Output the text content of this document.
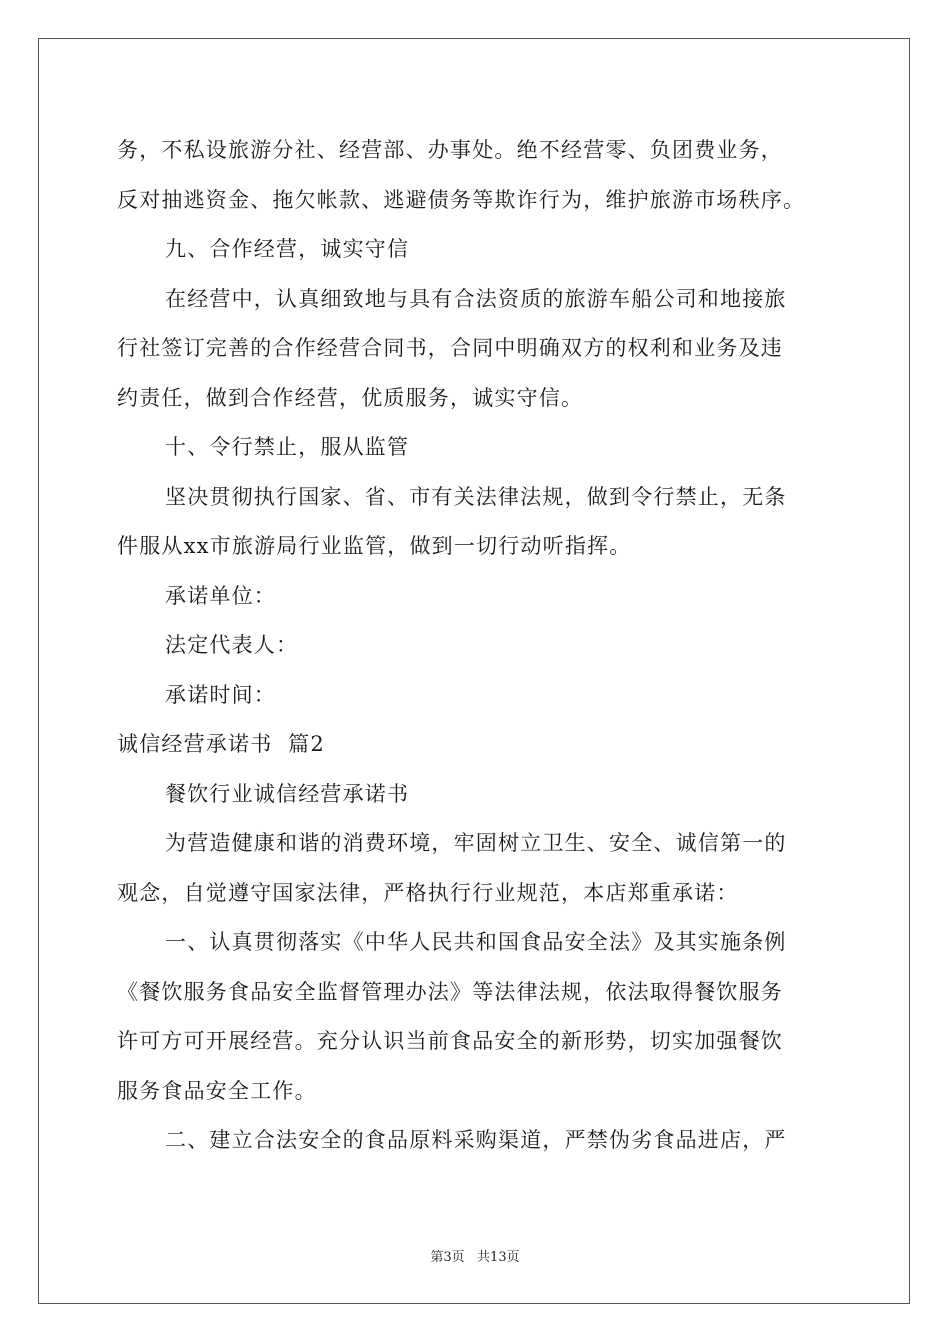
务，不私设旅游分社、经营部、办事处。绝不经营零、负团费业务，
反对抽逃资金、拖欠帐款、逃避债务等欺诈行为，维护旅游市场秩序。
九、合作经营，诚实守信
在经营中，认真细致地与具有合法资质的旅游车船公司和地接旅
行社签订完善的合作经营合同书，合同中明确双方的权利和业务及违
约责任，做到合作经营，优质服务，诚实守信。
十、令行禁止，服从监管
坚决贯彻执行国家、省、市有关法律法规，做到令行禁止，无条
件服从xx市旅游局行业监管，做到一切行动听指挥。
承诺单位：
法定代表人：
承诺时间：
诚信经营承诺书  篇2
餐饮行业诚信经营承诺书
为营造健康和谐的消费环境，牢固树立卫生、安全、诚信第一的
观念，自觉遵守国家法律，严格执行行业规范，本店郑重承诺：
一、认真贯彻落实《中华人民共和国食品安全法》及其实施条例
《餐饮服务食品安全监督管理办法》等法律法规，依法取得餐饮服务
许可方可开展经营。充分认识当前食品安全的新形势，切实加强餐饮
服务食品安全工作。
二、建立合法安全的食品原料采购渠道，严禁伪劣食品进店，严
第3页   共13页
